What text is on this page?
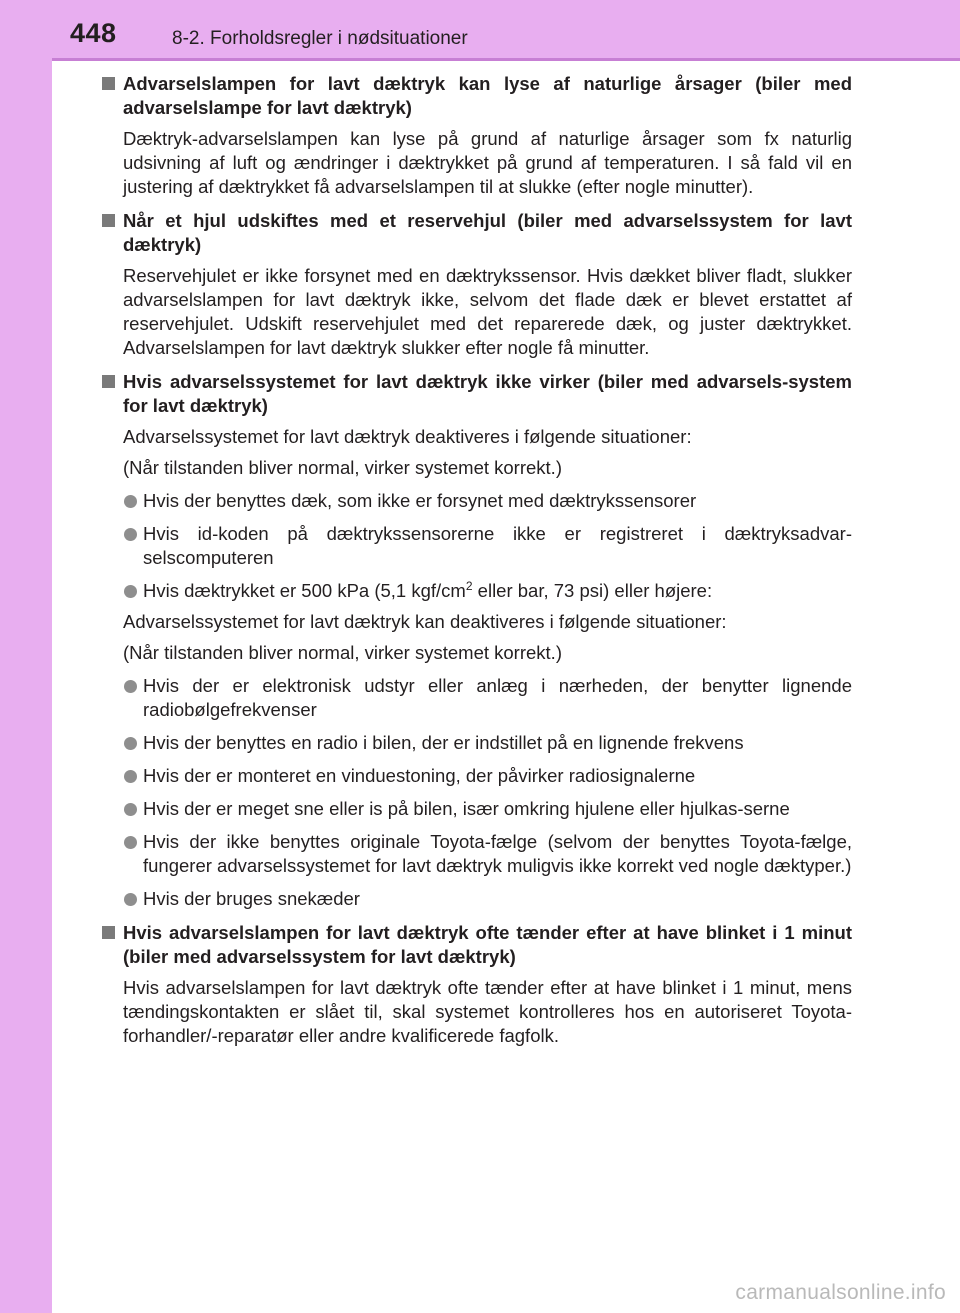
448	8-2. Forholdsregler i nødsituationer
Advarselslampen for lavt dæktryk kan lyse af naturlige årsager (biler med advarselslampe for lavt dæktryk)
Dæktryk-advarselslampen kan lyse på grund af naturlige årsager som fx naturlig udsivning af luft og ændringer i dæktrykket på grund af temperaturen. I så fald vil en justering af dæktrykket få advarselslampen til at slukke (efter nogle minutter).
Når et hjul udskiftes med et reservehjul (biler med advarselssystem for lavt dæktryk)
Reservehjulet er ikke forsynet med en dæktrykssensor. Hvis dækket bliver fladt, slukker advarselslampen for lavt dæktryk ikke, selvom det flade dæk er blevet erstattet af reservehjulet. Udskift reservehjulet med det reparerede dæk, og juster dæktrykket. Advarselslampen for lavt dæktryk slukker efter nogle få minutter.
Hvis advarselssystemet for lavt dæktryk ikke virker (biler med advarsels-system for lavt dæktryk)
Advarselssystemet for lavt dæktryk deaktiveres i følgende situationer:
(Når tilstanden bliver normal, virker systemet korrekt.)
Hvis der benyttes dæk, som ikke er forsynet med dæktrykssensorer
Hvis id-koden på dæktrykssensorerne ikke er registreret i dæktryksadvar-selscomputeren
Hvis dæktrykket er 500 kPa (5,1 kgf/$cm^2$ eller bar, 73 psi) eller højere:
Advarselssystemet for lavt dæktryk kan deaktiveres i følgende situationer:
(Når tilstanden bliver normal, virker systemet korrekt.)
Hvis der er elektronisk udstyr eller anlæg i nærheden, der benytter lignende radiobølgefrekvenser
Hvis der benyttes en radio i bilen, der er indstillet på en lignende frekvens
Hvis der er monteret en vinduestoning, der påvirker radiosignalerne
Hvis der er meget sne eller is på bilen, især omkring hjulene eller hjulkas-serne
Hvis der ikke benyttes originale Toyota-fælge (selvom der benyttes Toyota-fælge, fungerer advarselssystemet for lavt dæktryk muligvis ikke korrekt ved nogle dæktyper.)
Hvis der bruges snekæder
Hvis advarselslampen for lavt dæktryk ofte tænder efter at have blinket i 1 minut (biler med advarselssystem for lavt dæktryk)
Hvis advarselslampen for lavt dæktryk ofte tænder efter at have blinket i 1 minut, mens tændingskontakten er slået til, skal systemet kontrolleres hos en autoriseret Toyota-forhandler/-reparatør eller andre kvalificerede fagfolk.
carmanualsonline.info
